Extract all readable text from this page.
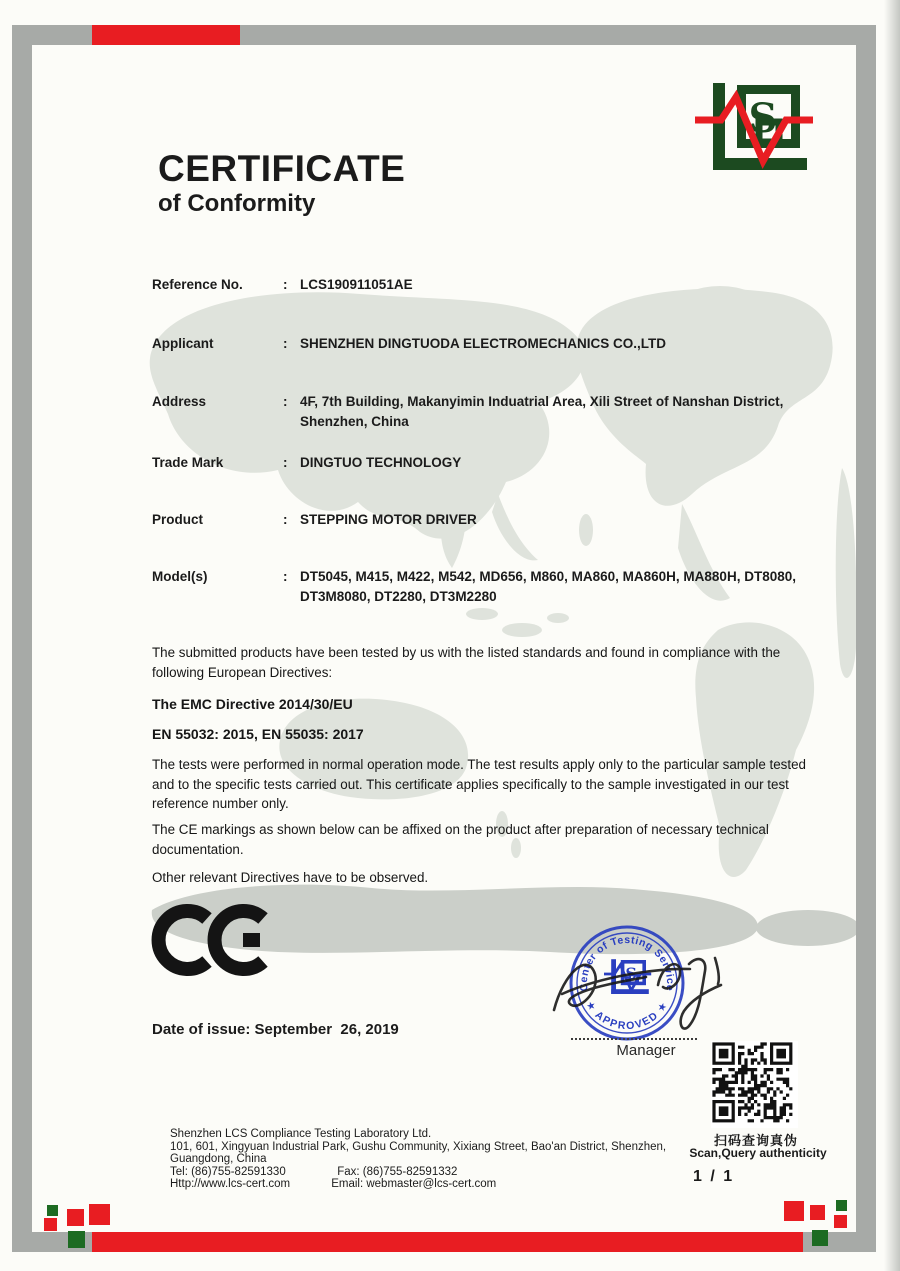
S
CERTIFICATE
of Conformity
Reference No.	: LCS190911051AE
Applicant	: SHENZHEN DINGTUODA ELECTROMECHANICS CO.,LTD
Address	: 4F, 7th Building, Makanyimin Induatrial Area, Xili Street of Nanshan District, Shenzhen, China
Trade Mark	: DINGTUO TECHNOLOGY
Product	: STEPPING MOTOR DRIVER
Model(s)	: DT5045, M415, M422, M542, MD656, M860, MA860, MA860H, MA880H, DT8080, DT3M8080, DT2280, DT3M2280
The submitted products have been tested by us with the listed standards and found in compliance with the following European Directives:
The EMC Directive 2014/30/EU
EN 55032: 2015, EN 55035: 2017
The tests were performed in normal operation mode. The test results apply only to the particular sample tested and to the specific tests carried out. This certificate applies specifically to the sample investigated in our test reference number only.
The CE markings as shown below can be affixed on the product after preparation of necessary technical documentation.
Other relevant Directives have to be observed.
Date of issue: September  26, 2019
Center of Testing Service
★ APPROVED ★
S
Manager
扫码查询真伪
Scan,Query authenticity
1 / 1
Shenzhen LCS Compliance Testing Laboratory Ltd.
101, 601, Xingyuan Industrial Park, Gushu Community, Xixiang Street, Bao'an District, Shenzhen,
Guangdong, China
Tel: (86)755-82591330	Fax: (86)755-82591332
Http://www.lcs-cert.com	Email: webmaster@lcs-cert.com
